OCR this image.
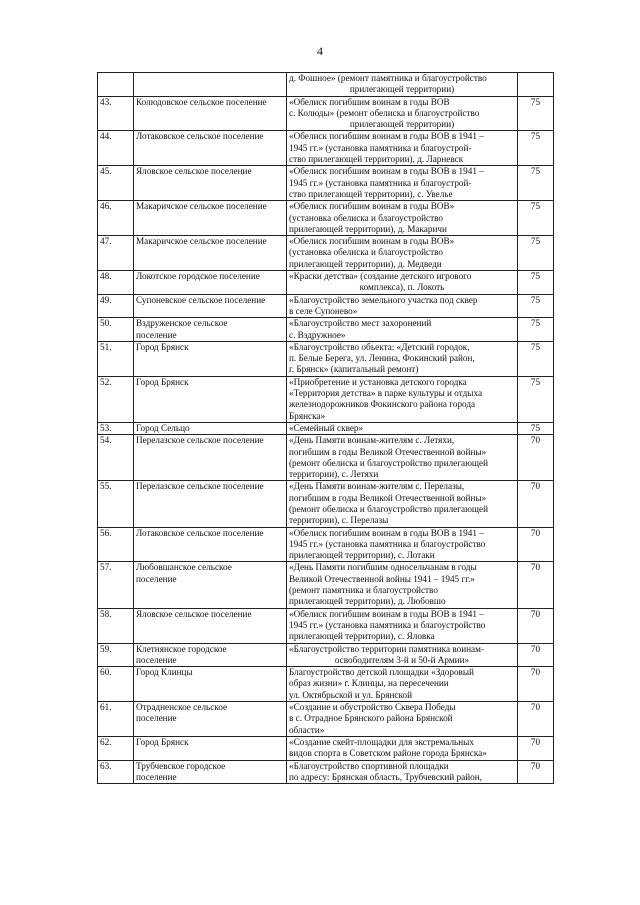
4

		д. Фошное» (ремонт памятника и благоустройство
прилегающей территории)	

43.	Колюдовское сельское поселение	«Обелиск погибшим воинам в годы ВОВ
с. Колюды» (ремонт обелиска и благоустройство
прилегающей территории)	75
44.	Лотаковское сельское поселение	«Обелиск погибшим воинам в годы ВОВ в 1941 –
1945 гг.» (установка памятника и благоустрой-
ство прилегающей территории), д. Ларневск	75
45.	Яловское сельское поселение	«Обелиск погибшим воинам в годы ВОВ в 1941 –
1945 гг.» (установка памятника и благоустрой-
ство прилегающей территории), с. Увелье	75
46.	Макаричское сельское поселение	«Обелиск погибшим воинам в годы ВОВ»
(установка обелиска и благоустройство
прилегающей территории), д. Макаричи	75
47.	Макаричское сельское поселение	«Обелиск погибшим воинам в годы ВОВ»
(установка обелиска и благоустройство
прилегающей территории), д. Медведи	75
48.	Локотское городское поселение	«Краски детства» (создание детского игрового
комплекса), п. Локоть	75
49.	Супоневское сельское поселение	«Благоустройство земельного участка под сквер
в селе Супонево»	75
50.	Вздруженское сельское
поселение	«Благоустройство мест захоронений
с. Вздружное»	75
51.	Город Брянск	«Благоустройство объекта: «Детский городок,
п. Белые Берега, ул. Ленина, Фокинский район,
г. Брянск» (капитальный ремонт)	75
52.	Город Брянск	«Приобретение и установка детского городка
«Территория детства» в парке культуры и отдыха
железнодорожников Фокинского района города
Брянска»	75
53.	Город Сельцо	«Семейный сквер»	75
54.	Перелазское сельское поселение	«День Памяти воинам-жителям с. Летяхи,
погибшим в годы Великой Отечественной войны»
(ремонт обелиска и благоустройство прилегающей
территории), с. Летяхи	70
55.	Перелазское сельское поселение	«День Памяти воинам-жителям с. Перелазы,
погибшим в годы Великой Отечественной войны»
(ремонт обелиска и благоустройство прилегающей
территории), с. Перелазы	70
56.	Лотаковское сельское поселение	«Обелиск погибшим воинам в годы ВОВ в 1941 –
1945 гг.» (установка памятника и благоустройство
прилегающей территории), с. Лотаки	70
57.	Любовшанское сельское
поселение	«День Памяти погибшим односельчанам в годы
Великой Отечественной войны 1941 – 1945 гг.»
(ремонт памятника и благоустройство
прилегающей территории), д. Любовшо	70
58.	Яловское сельское поселение	«Обелиск погибшим воинам в годы ВОВ в 1941 –
1945 гг.» (установка памятника и благоустройство
прилегающей территории), с. Яловка	70
59.	Клетнянское городское
поселение	«Благоустройство территории памятника воинам-
освободителям 3-й и 50-й Армии»	70
60.	Город Клинцы	Благоустройство детской площадки «Здоровый
образ жизни» г. Клинцы, на пересечении
ул. Октябрьской и ул. Брянской	70
61.	Отрадненское сельское
поселение	«Создание и обустройство Сквера Победы
в с. Отрадное Брянского района Брянской
области»	70
62.	Город Брянск	«Создание скейт-площадки для экстремальных
видов спорта в Советском районе города Брянска»	70
63.	Трубчевское городское
поселение	«Благоустройство спортивной площадки
по адресу: Брянская область, Трубчевский район,	70
